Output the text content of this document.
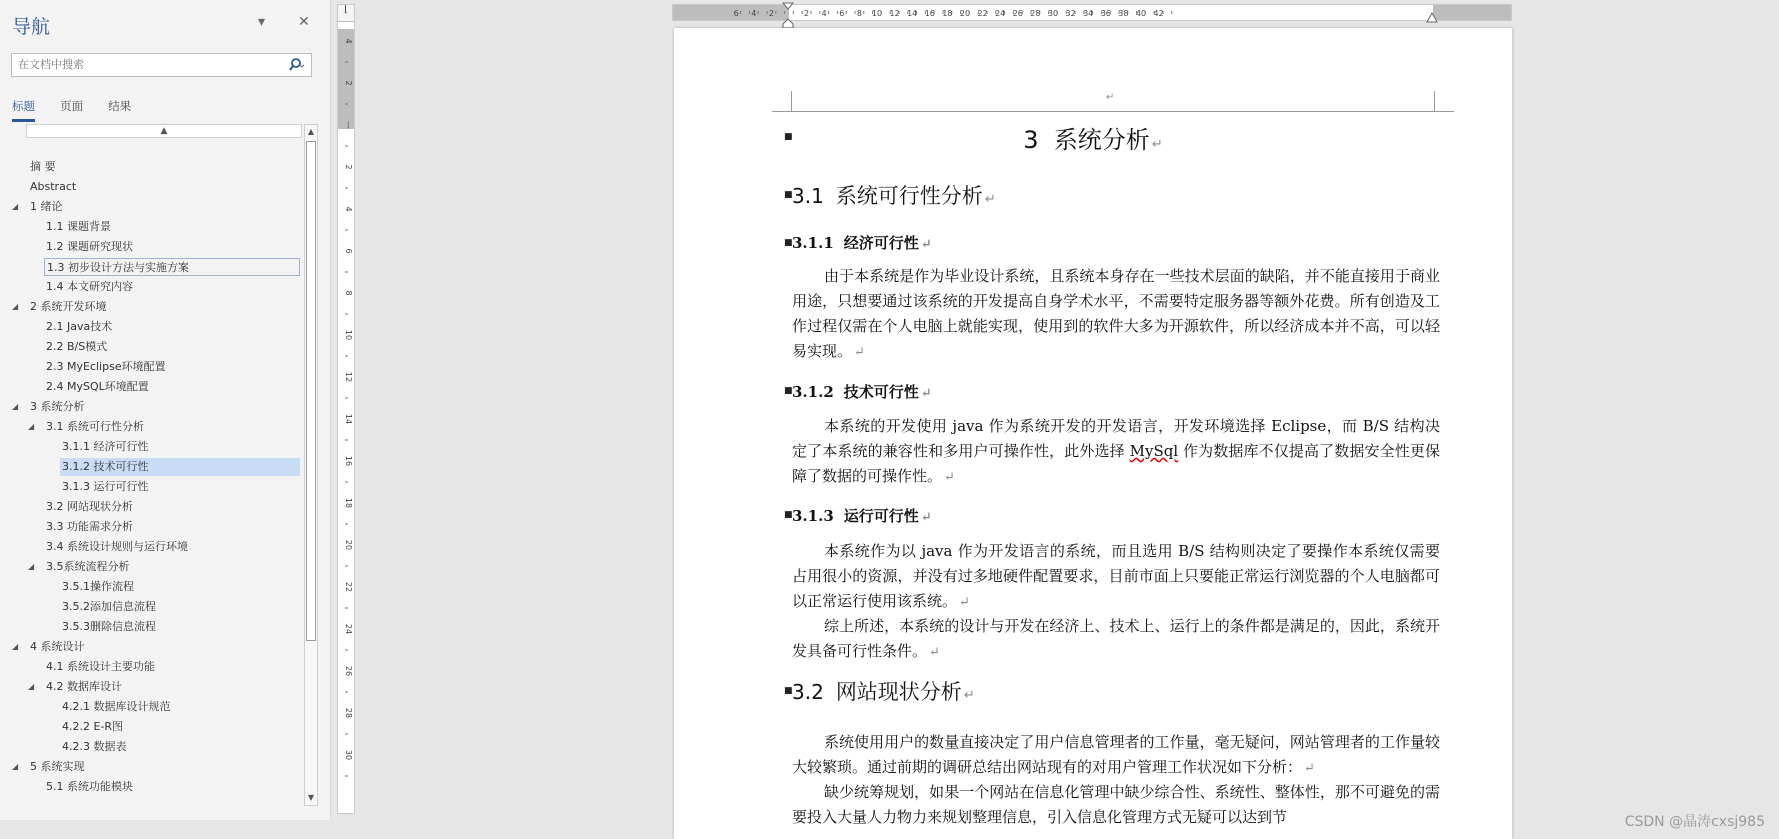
导航	▾ ✕
在文档中搜索
标题 页面 结果
▲	▲
▼
摘 要
Abstract
◢ 1 绪论
1.1 课题背景
1.2 课题研究现状
1.3 初步设计方法与实施方案
1.4 本文研究内容
◢ 2 系统开发环境
2.1 Java技术
2.2 B/S模式
2.3 MyEclipse环境配置
2.4 MySQL环境配置
◢ 3 系统分析
◢ 3.1 系统可行性分析
3.1.1 经济可行性
3.1.2 技术可行性
3.1.3 运行可行性
3.2 网站现状分析
3.3 功能需求分析
3.4 系统设计规则与运行环境
◢ 3.5系统流程分析
3.5.1操作流程
3.5.2添加信息流程
3.5.3删除信息流程
◢ 4 系统设计
4.1 系统设计主要功能
◢ 4.2 数据库设计
4.2.1 数据库设计规范
4.2.2 E-R图
4.2.3 数据表
◢ 5 系统实现
5.1 系统功能模块
⌊
4
2
—
2
4
6
8
10
12
14
16
18
20
22
24
26
28
30
2 4 6 8 10 12 14 16 18 20 22 24 26 28 30 32 34 36 38 40 42
6 4 2
↵
■	3 系统分析 ↵
■ 3.1 系统可行性分析 ↵
■ 3.1.1 经济可行性 ↵

由于本系统是作为毕业设计系统，且系统本身存在一些技术层面的缺陷，并不能直接用于商业用途，只想要通过该系统的开发提高自身学术水平，不需要特定服务器等额外花费。所有创造及工作过程仅需在个人电脑上就能实现，使用到的软件大多为开源软件，所以经济成本并不高，可以轻易实现。 ↵

■ 3.1.2 技术可行性 ↵

本系统的开发使用 java 作为系统开发的开发语言，开发环境选择 Eclipse，而 B/S 结构决定了本系统的兼容性和多用户可操作性，此外选择 MySql 作为数据库不仅提高了数据安全性更保障了数据的可操作性。 ↵

■ 3.1.3 运行可行性 ↵

本系统作为以 java 作为开发语言的系统，而且选用 B/S 结构则决定了要操作本系统仅需要占用很小的资源，并没有过多地硬件配置要求，目前市面上只要能正常运行浏览器的个人电脑都可以正常运行使用该系统。 ↵

综上所述，本系统的设计与开发在经济上、技术上、运行上的条件都是满足的，因此，系统开发具备可行性条件。 ↵

■ 3.2 网站现状分析 ↵

系统使用用户的数量直接决定了用户信息管理者的工作量，毫无疑问，网站管理者的工作量较大较繁琐。通过前期的调研总结出网站现有的对用户管理工作状况如下分析： ↵

缺少统筹规划，如果一个网站在信息化管理中缺少综合性、系统性、整体性，那不可避免的需要投入大量人力物力来规划整理信息，引入信息化管理方式无疑可以达到节	CSDN @晶涛cxsj985
